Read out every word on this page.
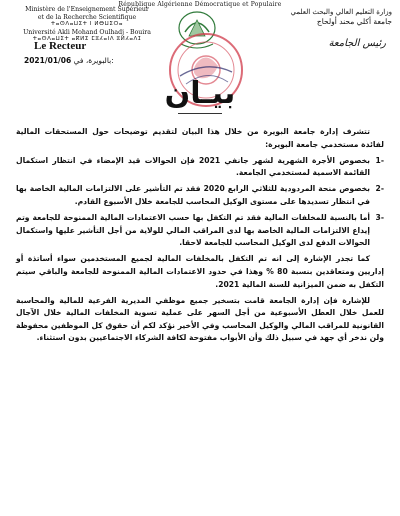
République Algérienne Démocratique et Populaire
Ministère de l'Enseignement Supérieur
et de la Recherche Scientifique
ⵜⴰⵙⴷⴰⵡⵉⵜ ⵏ ⵍⴱⵡⵉⵔⴰ
Université Akli Mohand Oulhadj - Bouira
ⵜⴰⵙⴷⴰⵡⵉⵜ ⴰⴽⵍⵉ ⵎⵓⵃⴰⵏⴷ ⵓⵍⵃⴰⴷⵊ
وزارة التعليم العالي والبحث العلمي
جامعة أكلي محند أولحاج
Le Recteur	رئيس الجامعة
2021/01/06 بالبويرة، في:
بيـان

تتشرف إدارة جامعة البويرة من خلال هذا البيان لتقديم توضيحات حول المستحقات المالية لفائدة مستخدمي جامعة البويرة:

-1
بخصوص الأجرة الشهرية لشهر جانفي 2021 فإن الحوالات قيد الإمضاء في انتظار استكمال القائمة الاسمية لمستخدمي الجامعة.

-2
بخصوص منحة المردودية للثلاثي الرابع 2020 فقد تم التأشير على الالتزامات المالية الخاصة بها في انتظار تسديدها على مستوى الوكيل المحاسب للجامعة خلال الأسبوع القادم.

-3
أما بالنسبة للمخلفات المالية فقد تم التكفل بها حسب الاعتمادات المالية الممنوحة للجامعة وتم إيداع الالتزامات المالية الخاصة بها لدى المراقب المالي للولاية من أجل التأشير عليها واستكمال الحوالات الدفع لدى الوكيل المحاسب للجامعة لاحقا.

كما تجدر الإشارة إلى انه تم التكفل بالمخلفات المالية لجميع المستخدمين سواء أساتذة أو إداريين ومتعاقدين بنسبة 80 % وهذا في حدود الاعتمادات المالية الممنوحة للجامعة والباقي سيتم التكفل به ضمن الميزانية للسنة المالية 2021.

للإشارة فإن إدارة الجامعة قامت بتسخير جميع موظفي المديرية الفرعية للمالية والمحاسبة للعمل خلال العطل الأسبوعية من أجل السهر على عملية تسوية المخلفات المالية خلال الآجال القانونية للمراقب المالي والوكيل المحاسب وفي الأخير نؤكد لكم أن حقوق كل الموظفين محفوظة ولن ندخر أي جهد في سبيل ذلك وأن الأبواب مفتوحة لكافة الشركاء الاجتماعيين بدون استثناء.
